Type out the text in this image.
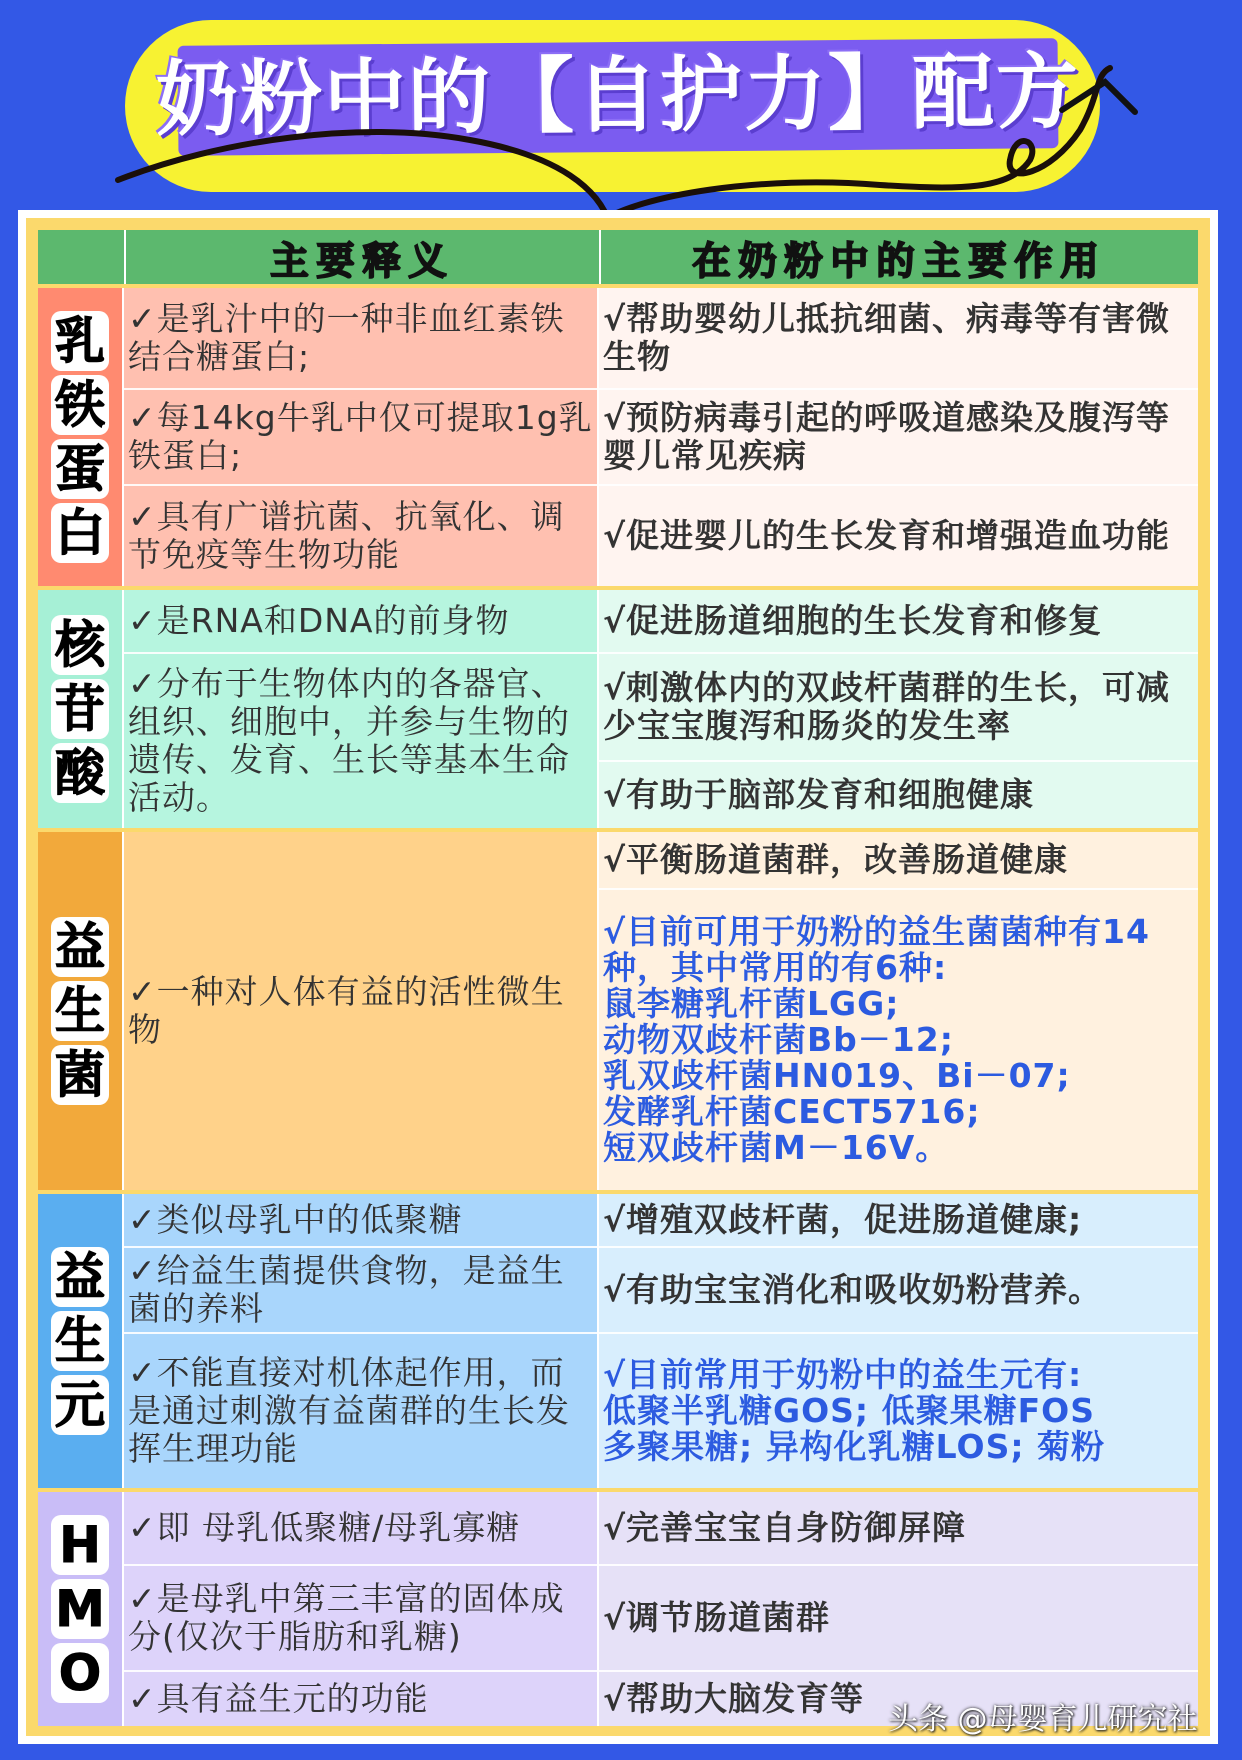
奶粉中的【自护力】配方
主要释义	在奶粉中的主要作用
乳
铁
蛋
白
✓是乳汁中的一种非血红素铁结合糖蛋白;
✓每14kg牛乳中仅可提取1g乳铁蛋白;
✓具有广谱抗菌、抗氧化、调节免疫等生物功能
√帮助婴幼儿抵抗细菌、病毒等有害微生物
√预防病毒引起的呼吸道感染及腹泻等婴儿常见疾病
√促进婴儿的生长发育和增强造血功能
核
苷
酸
✓是RNA和DNA的前身物
✓分布于生物体内的各器官、组织、细胞中，并参与生物的遗传、发育、生长等基本生命活动。
√促进肠道细胞的生长发育和修复
√刺激体内的双歧杆菌群的生长，可减少宝宝腹泻和肠炎的发生率
√有助于脑部发育和细胞健康
益
生
菌
✓一种对人体有益的活性微生物
√平衡肠道菌群，改善肠道健康
√目前可用于奶粉的益生菌菌种有14种，其中常用的有6种:
鼠李糖乳杆菌LGG;
动物双歧杆菌Bb－12;
乳双歧杆菌HN019、Bi－07;
发酵乳杆菌CECT5716;
短双歧杆菌M－16V。
益
生
元
✓类似母乳中的低聚糖
✓给益生菌提供食物，是益生菌的养料
✓不能直接对机体起作用，而是通过刺激有益菌群的生长发挥生理功能
√增殖双歧杆菌，促进肠道健康;
√有助宝宝消化和吸收奶粉营养。
√目前常用于奶粉中的益生元有:
低聚半乳糖GOS; 低聚果糖FOS
多聚果糖; 异构化乳糖LOS; 菊粉
H
M
O
✓即 母乳低聚糖/母乳寡糖
✓是母乳中第三丰富的固体成分(仅次于脂肪和乳糖)
✓具有益生元的功能
√完善宝宝自身防御屏障
√调节肠道菌群
√帮助大脑发育等
头条 @母婴育儿研究社
